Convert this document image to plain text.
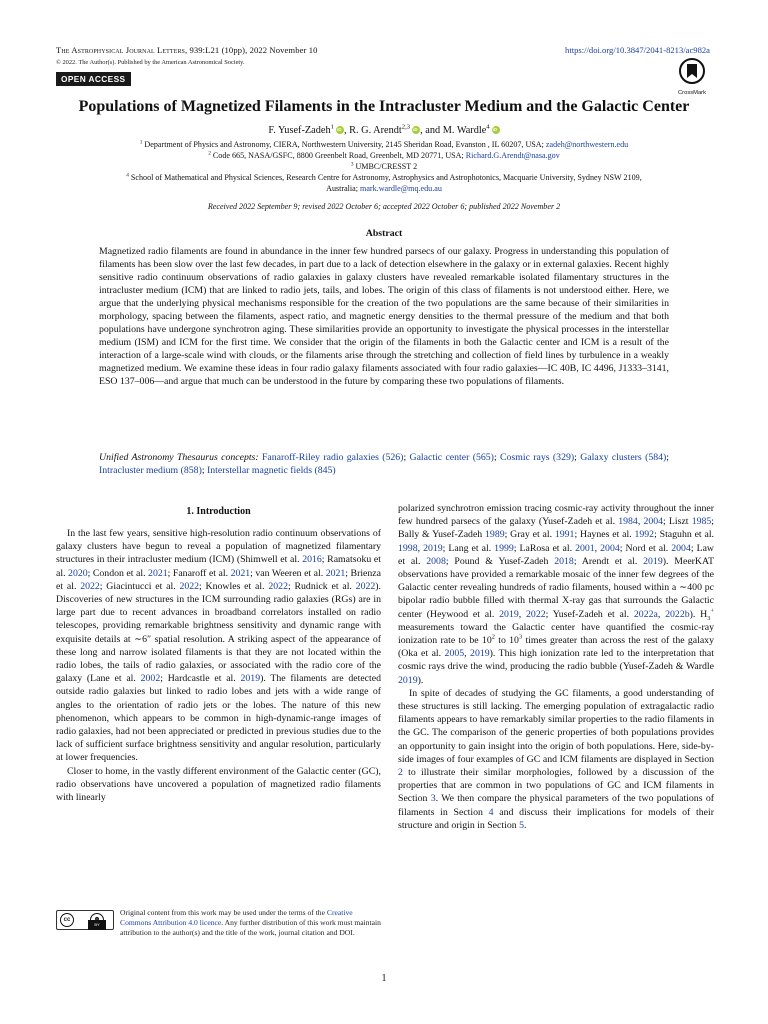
The Astrophysical Journal Letters, 939:L21 (10pp), 2022 November 10	https://doi.org/10.3847/2041-8213/ac982a
© 2022. The Author(s). Published by the American Astronomical Society.
OPEN ACCESS
CrossMark
Populations of Magnetized Filaments in the Intracluster Medium and the Galactic Center
F. Yusef-Zadeh$^1$ iD , R. G. Arendt$^{2,3}$ iD , and M. Wardle$^4$iD
$^1$ Department of Physics and Astronomy, CIERA, Northwestern University, 2145 Sheridan Road, Evanston , IL 60207, USA; zadeh@northwestern.edu
$^2$ Code 665, NASA/GSFC, 8800 Greenbelt Road, Greenbelt, MD 20771, USA; Richard.G.Arendt@nasa.gov
$^3$ UMBC/CRESST 2
$^4$ School of Mathematical and Physical Sciences, Research Centre for Astronomy, Astrophysics and Astrophotonics, Macquarie University, Sydney NSW 2109,
Australia; mark.wardle@mq.edu.au
Received 2022 September 9; revised 2022 October 6; accepted 2022 October 6; published 2022 November 2
Abstract
Magnetized radio filaments are found in abundance in the inner few hundred parsecs of our galaxy. Progress in understanding this population of filaments has been slow over the last few decades, in part due to a lack of detection elsewhere in the galaxy or in external galaxies. Recent highly sensitive radio continuum observations of radio galaxies in galaxy clusters have revealed remarkable isolated filamentary structures in the intracluster medium (ICM) that are linked to radio jets, tails, and lobes. The origin of this class of filaments is not understood either. Here, we argue that the underlying physical mechanisms responsible for the creation of the two populations are the same because of their similarities in morphology, spacing between the filaments, aspect ratio, and magnetic energy densities to the thermal pressure of the medium and that both populations have undergone synchrotron aging. These similarities provide an opportunity to investigate the physical processes in the interstellar medium (ISM) and ICM for the first time. We consider that the origin of the filaments in both the Galactic center and ICM is a result of the interaction of a large-scale wind with clouds, or the filaments arise through the stretching and collection of field lines by turbulence in a weakly magnetized medium. We examine these ideas in four radio galaxy filaments associated with four radio galaxies—IC 40B, IC 4496, J1333–3141, ESO 137–006—and argue that much can be understood in the future by comparing these two populations of filaments.
Unified Astronomy Thesaurus concepts: Fanaroff-Riley radio galaxies (526); Galactic center (565); Cosmic rays (329); Galaxy clusters (584); Intracluster medium (858); Interstellar magnetic fields (845)
1. Introduction

In the last few years, sensitive high-resolution radio continuum observations of galaxy clusters have begun to reveal a population of magnetized filamentary structures in their intracluster medium (ICM) (Shimwell et al. 2016; Ramatsoku et al. 2020; Condon et al. 2021; Fanaroff et al. 2021; van Weeren et al. 2021; Brienza et al. 2022; Giacintucci et al. 2022; Knowles et al. 2022; Rudnick et al. 2022). Discoveries of new structures in the ICM surrounding radio galaxies (RGs) are in large part due to recent advances in broadband correlators installed on radio telescopes, providing remarkable brightness sensitivity and dynamic range with exquisite details at ∼6″ spatial resolution. A striking aspect of the appearance of these long and narrow isolated filaments is that they are not located within the radio lobes, the tails of radio galaxies, or associated with the radio core of the galaxy (Lane et al. 2002; Hardcastle et al. 2019). The filaments are detected outside radio galaxies but linked to radio lobes and jets with a wide range of angles to the orientation of radio jets or the lobes. The nature of this new phenomenon, which appears to be common in high-dynamic-range images of radio galaxies, had not been appreciated or predicted in previous studies due to the lack of sufficient surface brightness sensitivity and angular resolution, particularly at lower frequencies.

Closer to home, in the vastly different environment of the Galactic center (GC), radio observations have uncovered a population of magnetized radio filaments with linearly

cc
BY
Original content from this work may be used under the terms of the Creative Commons Attribution 4.0 licence. Any further distribution of this work must maintain attribution to the author(s) and the title of the work, journal citation and DOI.

polarized synchrotron emission tracing cosmic-ray activity throughout the inner few hundred parsecs of the galaxy (Yusef-Zadeh et al. 1984, 2004; Liszt 1985; Bally & Yusef-Zadeh 1989; Gray et al. 1991; Haynes et al. 1992; Staguhn et al. 1998, 2019; Lang et al. 1999; LaRosa et al. 2001, 2004; Nord et al. 2004; Law et al. 2008; Pound & Yusef-Zadeh 2018; Arendt et al. 2019). MeerKAT observations have provided a remarkable mosaic of the inner few degrees of the Galactic center revealing hundreds of radio filaments, housed within a ∼400 pc bipolar radio bubble filled with thermal X-ray gas that surrounds the Galactic center (Heywood et al. 2019, 2022; Yusef-Zadeh et al. 2022a, 2022b). $H_3^+$ measurements toward the Galactic center have quantified the cosmic-ray ionization rate to be $10^2$ to $10^3$ times greater than across the rest of the galaxy (Oka et al. 2005, 2019). This high ionization rate led to the interpretation that cosmic rays drive the wind, producing the radio bubble (Yusef-Zadeh & Wardle 2019).

In spite of decades of studying the GC filaments, a good understanding of these structures is still lacking. The emerging population of extragalactic radio filaments appears to have remarkably similar properties to the radio filaments in the GC. The comparison of the generic properties of both populations provides an opportunity to gain insight into the origin of both populations. Here, side-by-side images of four examples of GC and ICM filaments are displayed in Section 2 to illustrate their similar morphologies, followed by a discussion of the properties that are common in two populations of GC and ICM filaments in Section 3. We then compare the physical parameters of the two populations of filaments in Section 4 and discuss their implications for models of their structure and origin in Section 5.

1
